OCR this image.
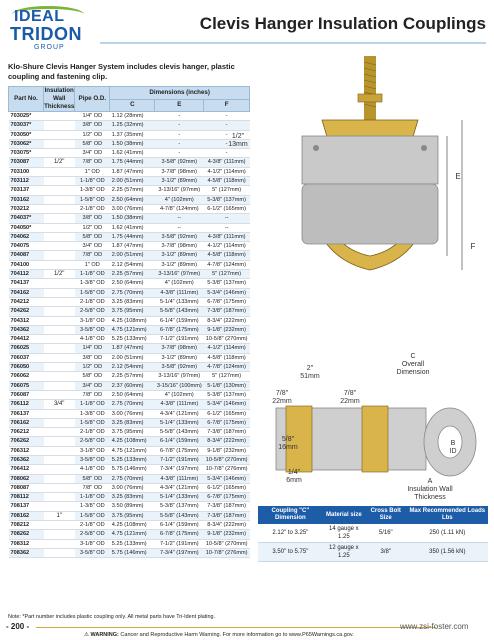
IDEAL
TRIDON
GROUP
Clevis Hanger Insulation Couplings
Klo-Shure Clevis Hanger System includes clevis hanger, plastic coupling and fastening clip.
Part No.	Insulation Wall Thickness	Pipe O.D.	Dimensions (inches)		
			C	E	F
703025*		1/4" OD	1.12 (28mm)	-	-
703037*		3/8" OD	1.25 (32mm)	-	-
703050*		1/2" OD	1.37 (35mm)	-	-
703062*		5/8" OD	1.50 (38mm)	-	-
703075*		3/4" OD	1.62 (41mm)	-	-
703087	1/2"	7/8" OD	1.75 (44mm)	3-5/8" (92mm)	4-3/8" (111mm)
703100		1" OD	1.87 (47mm)	3-7/8" (98mm)	4-1/2" (114mm)
703112		1-1/8" OD	2.00 (51mm)	3-1/2" (89mm)	4-5/8" (118mm)
703137		1-3/8" OD	2.25 (57mm)	3-13/16" (97mm)	5" (127mm)
703162		1-5/8" OD	2.50 (64mm)	4" (102mm)	5-3/8" (137mm)
703212		2-1/8" OD	3.00 (76mm)	4-7/8" (124mm)	6-1/2" (165mm)
704037*		3/8" OD	1.50 (38mm)	--	--
704050*		1/2" OD	1.62 (41mm)	--	--
704062		5/8" OD	1.75 (44mm)	3-5/8" (92mm)	4-3/8" (111mm)
704075		3/4" OD	1.87 (47mm)	3-7/8" (98mm)	4-1/2" (114mm)
704087		7/8" OD	2.00 (51mm)	3-1/2" (89mm)	4-5/8" (118mm)
704100		1" OD	2.12 (54mm)	3-1/2" (89mm)	4-7/8" (124mm)
704112	1/2"	1-1/8" OD	2.25 (57mm)	3-13/16" (97mm)	5" (127mm)
704137		1-3/8" OD	2.50 (64mm)	4" (102mm)	5-3/8" (137mm)
704162		1-5/8" OD	2.75 (70mm)	4-3/8" (111mm)	5-3/4" (146mm)
704212		2-1/8" OD	3.25 (83mm)	5-1/4" (133mm)	6-7/8" (175mm)
704262		2-5/8" OD	3.75 (95mm)	5-5/8" (143mm)	7-3/8" (187mm)
704312		3-1/8" OD	4.25 (108mm)	6-1/4" (159mm)	8-3/4" (222mm)
704362		3-5/8" OD	4.75 (121mm)	6-7/8" (175mm)	9-1/8" (232mm)
704412		4-1/8" OD	5.25 (133mm)	7-1/2" (191mm)	10-5/8" (270mm)
706025		1/4" OD	1.87 (47mm)	3-7/8" (98mm)	4-1/2" (114mm)
706037		3/8" OD	2.00 (51mm)	3-1/2" (89mm)	4-5/8" (118mm)
706050		1/2" OD	2.12 (54mm)	3-5/8" (92mm)	4-7/8" (124mm)
706062		5/8" OD	2.25 (57mm)	3-13/16" (97mm)	5" (127mm)
706075		3/4" OD	2.37 (60mm)	3-15/16" (100mm)	5-1/8" (130mm)
706087		7/8" OD	2.50 (64mm)	4" (102mm)	5-3/8" (137mm)
706112	3/4"	1-1/8" OD	2.75 (70mm)	4-3/8" (111mm)	5-3/4" (146mm)
706137		1-3/8" OD	3.00 (76mm)	4-3/4" (121mm)	6-1/2" (165mm)
706162		1-5/8" OD	3.25 (83mm)	5-1/4" (133mm)	6-7/8" (175mm)
706212		2-1/8" OD	3.75 (95mm)	5-5/8" (143mm)	7-3/8" (187mm)
706262		2-5/8" OD	4.25 (108mm)	6-1/4" (159mm)	8-3/4" (222mm)
706312		3-1/8" OD	4.75 (121mm)	6-7/8" (175mm)	9-1/8" (232mm)
706362		3-5/8" OD	5.25 (133mm)	7-1/2" (191mm)	10-5/8" (270mm)
706412		4-1/8" OD	5.75 (146mm)	7-3/4" (197mm)	10-7/8" (276mm)
708062		5/8" OD	2.75 (70mm)	4-3/8" (111mm)	5-3/4" (146mm)
708087		7/8" OD	3.00 (76mm)	4-3/4" (121mm)	6-1/2" (165mm)
708112		1-1/8" OD	3.25 (83mm)	5-1/4" (133mm)	6-7/8" (175mm)
708137		1-3/8" OD	3.50 (89mm)	5-3/8" (137mm)	7-3/8" (187mm)
708162	1"	1-5/8" OD	3.75 (95mm)	5-5/8" (143mm)	7-3/8" (187mm)
708212		2-1/8" OD	4.25 (108mm)	6-1/4" (159mm)	8-3/4" (222mm)
708262		2-5/8" OD	4.75 (121mm)	6-7/8" (175mm)	9-1/8" (232mm)
708312		3-1/8" OD	5.25 (133mm)	7-1/2" (191mm)	10-5/8" (270mm)
708362		3-5/8" OD	5.75 (146mm)	7-3/4" (197mm)	10-7/8" (276mm)
1/2"
13mm
E
F
C
Overall
Dimension
B
ID
A
Insulation Wall
Thickness
2"
51mm
7/8"
22mm
7/8"
22mm
5/8"
16mm
1/4"
6mm
Coupling "C" Dimension	Material size	Cross Bolt Size	Max Recommended Loads Lbs
2.12" to 3.25"	14 gauge x 1.25	5/16"	250 (1.11 kN)
3.50" to 5.75"	12 gauge x 1.25	3/8"	350 (1.56 kN)
Note: *Part number includes plastic coupling only. All metal parts have Tri-Ident plating.
- 200 -	www.zsi-foster.com
⚠ WARNING: Cancer and Reproductive Harm Warning. For more information go to www.P65Warnings.ca.gov.
